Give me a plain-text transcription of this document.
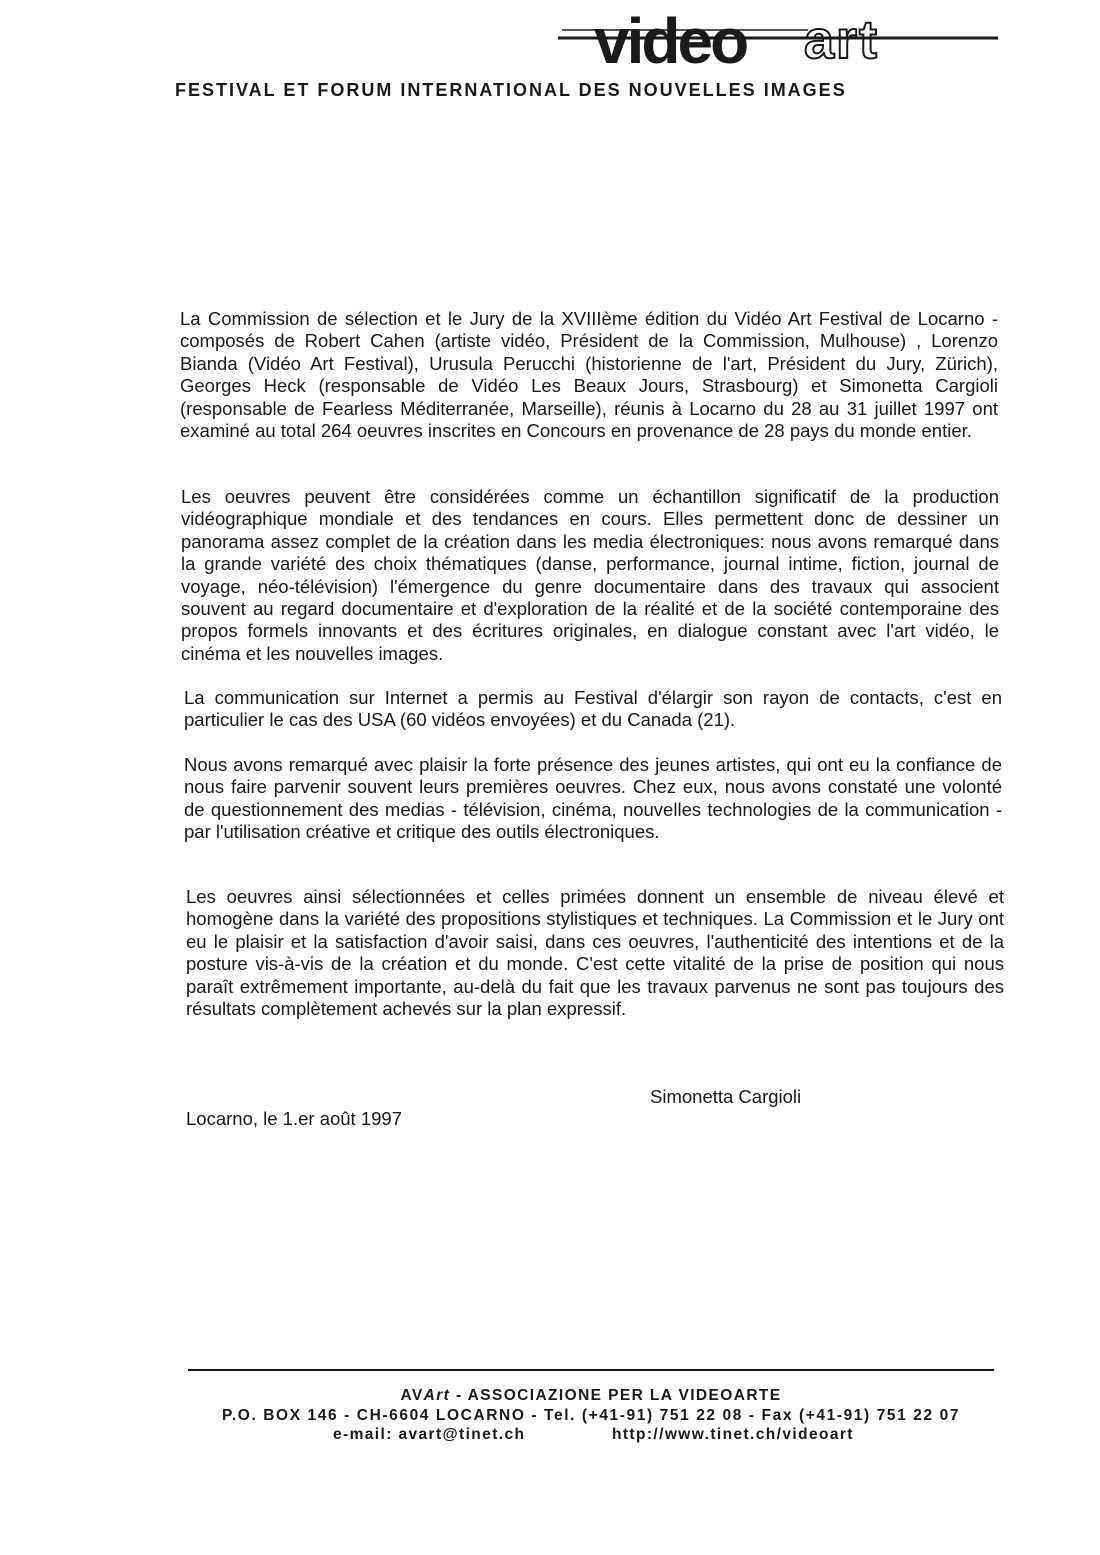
video art
FESTIVAL ET FORUM INTERNATIONAL DES NOUVELLES IMAGES

La Commission de sélection et le Jury de la XVIIIème édition du Vidéo Art Festival de Locarno - composés de Robert Cahen (artiste vidéo, Président de la Commission, Mulhouse) , Lorenzo Bianda (Vidéo Art Festival), Urusula Perucchi (historienne de l'art, Président du Jury, Zürich), Georges Heck (responsable de Vidéo Les Beaux Jours, Strasbourg) et Simonetta Cargioli (responsable de Fearless Méditerranée, Marseille), réunis à Locarno du 28 au 31 juillet 1997 ont examiné au total 264 oeuvres inscrites en Concours en provenance de 28 pays du monde entier.

Les oeuvres peuvent être considérées comme un échantillon significatif de la production vidéographique mondiale et des tendances en cours. Elles permettent donc de dessiner un panorama assez complet de la création dans les media électroniques: nous avons remarqué dans la grande variété des choix thématiques (danse, performance, journal intime, fiction, journal de voyage, néo-télévision) l'émergence du genre documentaire dans des travaux qui associent souvent au regard documentaire et d'exploration de la réalité et de la société contemporaine des propos formels innovants et des écritures originales, en dialogue constant avec l'art vidéo, le cinéma et les nouvelles images.

La communication sur Internet a permis au Festival d'élargir son rayon de contacts, c'est en particulier le cas des USA (60 vidéos envoyées) et du Canada (21).

Nous avons remarqué avec plaisir la forte présence des jeunes artistes, qui ont eu la confiance de nous faire parvenir souvent leurs premières oeuvres. Chez eux, nous avons constaté une volonté de questionnement des medias - télévision, cinéma, nouvelles technologies de la communication - par l'utilisation créative et critique des outils électroniques.

Les oeuvres ainsi sélectionnées et celles primées donnent un ensemble de niveau élevé et homogène dans la variété des propositions stylistiques et techniques. La Commission et le Jury ont eu le plaisir et la satisfaction d'avoir saisi, dans ces oeuvres, l'authenticité des intentions et de la posture vis-à-vis de la création et du monde. C'est cette vitalité de la prise de position qui nous paraît extrêmement importante, au-delà du fait que les travaux parvenus ne sont pas toujours des résultats complètement achevés sur la plan expressif.

Simonetta Cargioli
Locarno, le 1.er août 1997
AVArt - ASSOCIAZIONE PER LA VIDEOARTE
P.O. BOX 146 - CH-6604 LOCARNO - Tel. (+41-91) 751 22 08 - Fax (+41-91) 751 22 07
e-mail: avart@tinet.ch	http://www.tinet.ch/videoart
